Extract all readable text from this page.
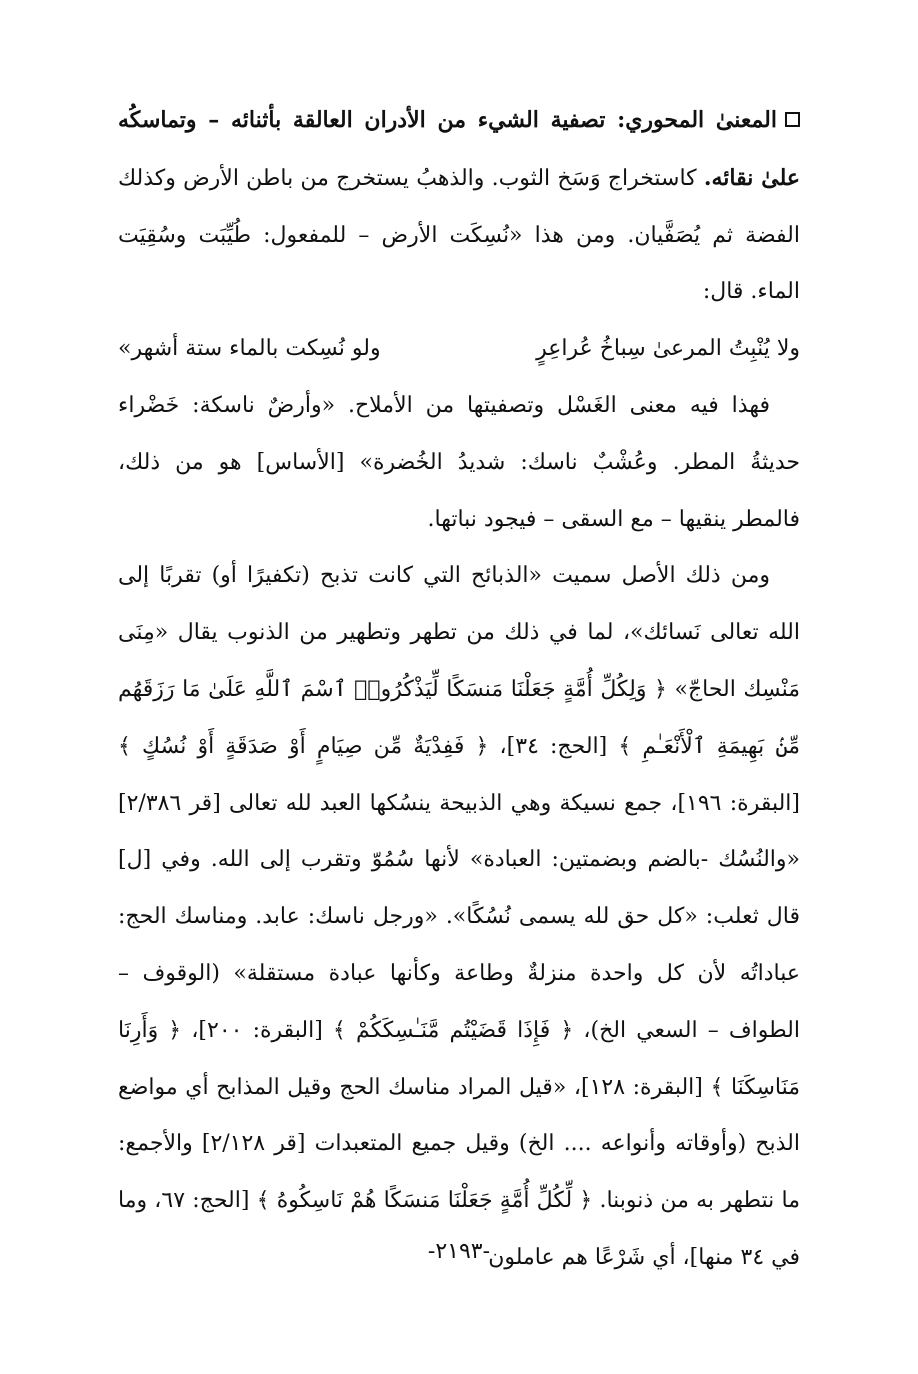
المعنىٰ المحوري: تصفية الشيء من الأدران العالقة بأثنائه – وتماسكُه علىٰ نقائه. كاستخراج وَسَخ الثوب. والذهبُ يستخرج من باطن الأرض وكذلك الفضة ثم يُصَفَّيان. ومن هذا «نُسِكَت الأرض – للمفعول: طُيِّبَت وسُقِيَت الماء. قال:

ولا يُنْبِتُ المرعىٰ سِباخُ عُراعِرٍ
ولو نُسِكت بالماء ستة أشهر»

فهذا فيه معنى الغَسْل وتصفيتها من الأملاح. «وأرضٌ ناسكة: خَضْراء حديثةُ المطر. وعُشْبٌ ناسك: شديدُ الخُضرة» [الأساس] هو من ذلك، فالمطر ينقيها – مع السقى – فيجود نباتها.

ومن ذلك الأصل سميت «الذبائح التي كانت تذبح (تكفيرًا أو) تقربًا إلى الله تعالى نَسائك»، لما في ذلك من تطهر وتطهير من الذنوب يقال «مِنَى مَنْسِك الحاجّ» ﴿ وَلِكُلِّ أُمَّةٍ جَعَلْنَا مَنسَكًا لِّيَذْكُرُوا۟ ٱسْمَ ٱللَّهِ عَلَىٰ مَا رَزَقَهُم مِّنۢ بَهِيمَةِ ٱلْأَنْعَـٰمِ ﴾ [الحج: ٣٤]، ﴿ فَفِدْيَةٌ مِّن صِيَامٍ أَوْ صَدَقَةٍ أَوْ نُسُكٍ ﴾ [البقرة: ١٩٦]، جمع نسيكة وهي الذبيحة ينسُكها العبد لله تعالى [قر ٢/٣٨٦] «والنُسُك -بالضم وبضمتين: العبادة» لأنها سُمُوّ وتقرب إلى الله. وفي [ل] قال ثعلب: «كل حق لله يسمى نُسُكًا». «ورجل ناسك: عابد. ومناسك الحج: عباداتُه لأن كل واحدة منزلةٌ وطاعة وكأنها عبادة مستقلة» (الوقوف – الطواف – السعي الخ)، ﴿ فَإِذَا قَضَيْتُم مَّنَـٰسِكَكُمْ ﴾ [البقرة: ٢٠٠]، ﴿ وَأَرِنَا مَنَاسِكَنَا ﴾ [البقرة: ١٢٨]، «قيل المراد مناسك الحج وقيل المذابح أي مواضع الذبح (وأوقاته وأنواعه .... الخ) وقيل جميع المتعبدات [قر ٢/١٢٨] والأجمع: ما نتطهر به من ذنوبنا. ﴿ لِّكُلِّ أُمَّةٍ جَعَلْنَا مَنسَكًا هُمْ نَاسِكُوهُ ﴾ [الحج: ٦٧، وما في ٣٤ منها]، أي شَرْعًا هم عاملون

-٢١٩٣-
